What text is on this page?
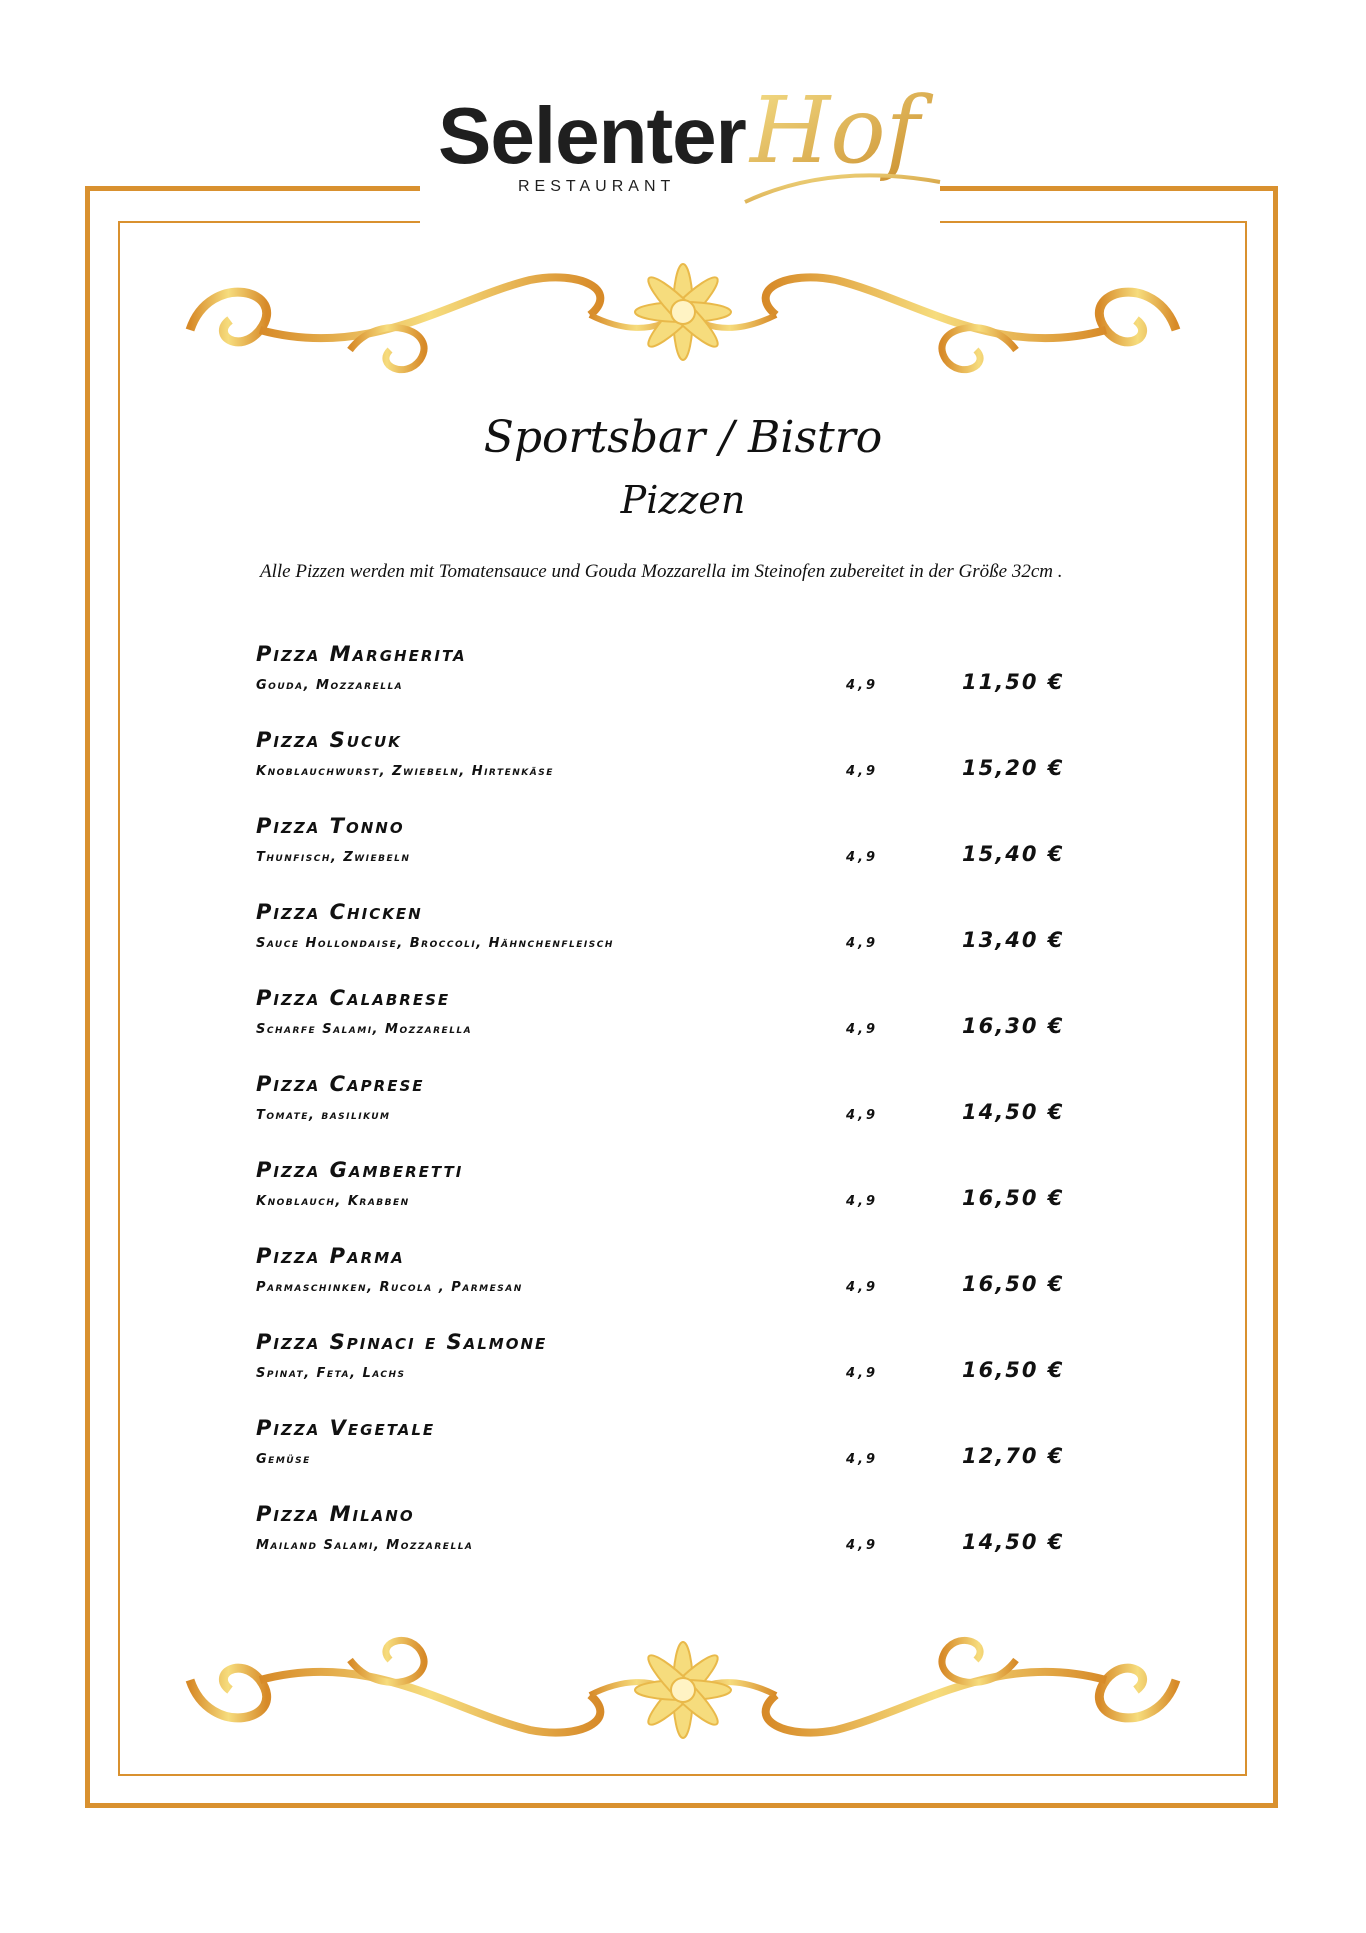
Selenter
RESTAURANT
Hof
Sportsbar / Bistro
Pizzen
Alle Pizzen werden mit Tomatensauce und Gouda Mozzarella im Steinofen zubereitet in der Größe 32cm .
Pizza Margherita
Gouda, Mozzarella	4,9	11,50 €
Pizza Sucuk
Knoblauchwurst, Zwiebeln, Hirtenkäse	4,9	15,20 €
Pizza Tonno
Thunfisch, Zwiebeln	4,9	15,40 €
Pizza Chicken
Sauce Hollondaise, Broccoli, Hähnchenfleisch	4,9	13,40 €
Pizza Calabrese
Scharfe Salami, Mozzarella	4,9	16,30 €
Pizza Caprese
Tomate, basilikum	4,9	14,50 €
Pizza Gamberetti
Knoblauch, Krabben	4,9	16,50 €
Pizza Parma
Parmaschinken, Rucola , Parmesan	4,9	16,50 €
Pizza Spinaci e Salmone
Spinat, Feta, Lachs	4,9	16,50 €
Pizza Vegetale
Gemüse	4,9	12,70 €
Pizza Milano
Mailand Salami, Mozzarella	4,9	14,50 €
